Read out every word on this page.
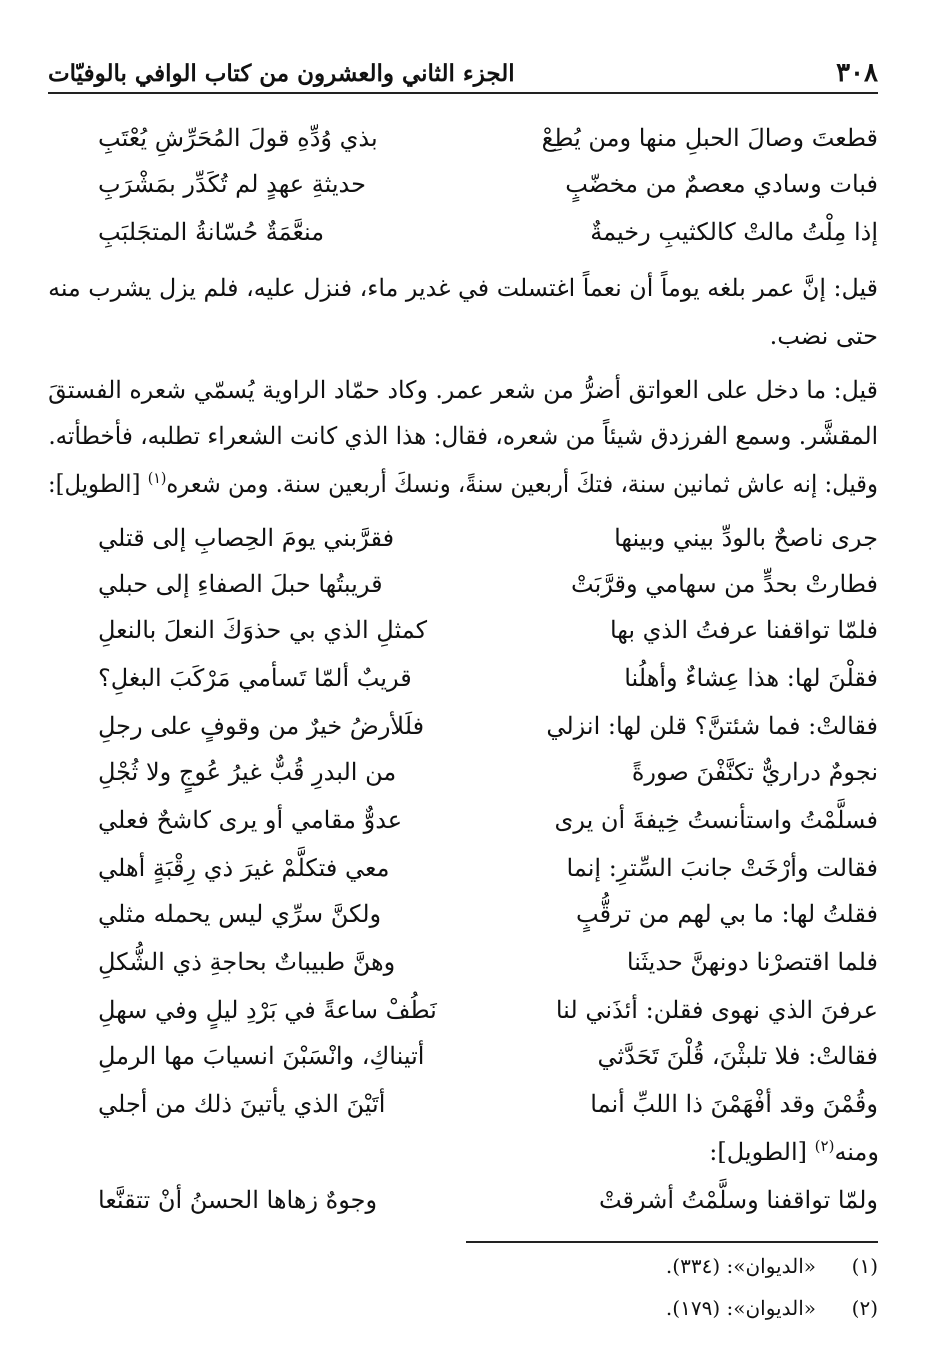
٣٠٨
الجزء الثاني والعشرون من كتاب الوافي بالوفيّات
قطعتَ وصالَ الحبلِ منها ومن يُطِعْ
بذي وُدِّهِ قولَ المُحَرِّشِ يُعْتَبِ
فبات وسادي معصمٌ من مخضّبٍ
حديثةِ عهدٍ لم تُكَدِّر بمَشْرَبِ
إذا مِلْتُ مالتْ كالكثيبِ رخيمةٌ
منعَّمَةٌ حُسّانةُ المتجَلبَبِ
قيل: إنَّ عمر بلغه يوماً أن نعماً اغتسلت في غدير ماء، فنزل عليه، فلم يزل يشرب منه
حتى نضب.
قيل: ما دخل على العواتق أضرُّ من شعر عمر. وكاد حمّاد الراوية يُسمّي شعره الفستقَ
المقشَّر. وسمع الفرزدق شيئاً من شعره، فقال: هذا الذي كانت الشعراء تطلبه، فأخطأته.
وقيل: إنه عاش ثمانين سنة، فتكَ أربعين سنةً، ونسكَ أربعين سنة. ومن شعره$^{(١)}$ [الطويل]:
جرى ناصحٌ بالودِّ بيني وبينها
فقرَّبني يومَ الحِصابِ إلى قتلي
فطارتْ بحدٍّ من سهامي وقرَّبَتْ
قريبتُها حبلَ الصفاءِ إلى حبلي
فلمّا تواقفنا عرفتُ الذي بها
كمثلِ الذي بي حذوَكَ النعلَ بالنعلِ
فقلْنَ لها: هذا عِشاءٌ وأهلُنا
قريبٌ ألمّا تَسأمي مَرْكَبَ البغلِ؟
فقالتْ: فما شئتنَّ؟ قلن لها: انزلي
فلَلأرضُ خيرٌ من وقوفٍ على رجلِ
نجومٌ دراريٌّ تكنَّفْنَ صورةً
من البدرِ قُبٌّ غيرُ عُوجٍ ولا ثُجْلِ
فسلَّمْتُ واستأنستُ خِيفةَ أن يرى
عدوٌّ مقامي أو يرى كاشحٌ فعلي
فقالت وأرْخَتْ جانبَ السِّترِ: إنما
معي فتكلَّمْ غيرَ ذي رِقْبَةٍ أهلي
فقلتُ لها: ما بي لهم من ترقُّبٍ
ولكنَّ سرِّي ليس يحمله مثلي
فلما اقتصرْنا دونهنَّ حديثَنا
وهنَّ طبيباتٌ بحاجةِ ذي الشُّكلِ
عرفنَ الذي نهوى فقلن: أئذَني لنا
نَطُفْ ساعةً في بَرْدِ ليلٍ وفي سهلِ
فقالتْ: فلا تلبثْنَ، قُلْنَ تَحَدَّثي
أتيناكِ، وانْسَبْنَ انسيابَ مها الرملِ
وقُمْنَ وقد أفْهَمْنَ ذا اللبِّ أنما
أتَيْنَ الذي يأتينَ ذلك من أجلي
ومنه$^{(٢)}$ [الطويل]:
ولمّا تواقفنا وسلَّمْتُ أشرقتْ
وجوهٌ زهاها الحسنُ أنْ تتقنَّعا
(١)
«الديوان»: (٣٣٤).
(٢)
«الديوان»: (١٧٩).
